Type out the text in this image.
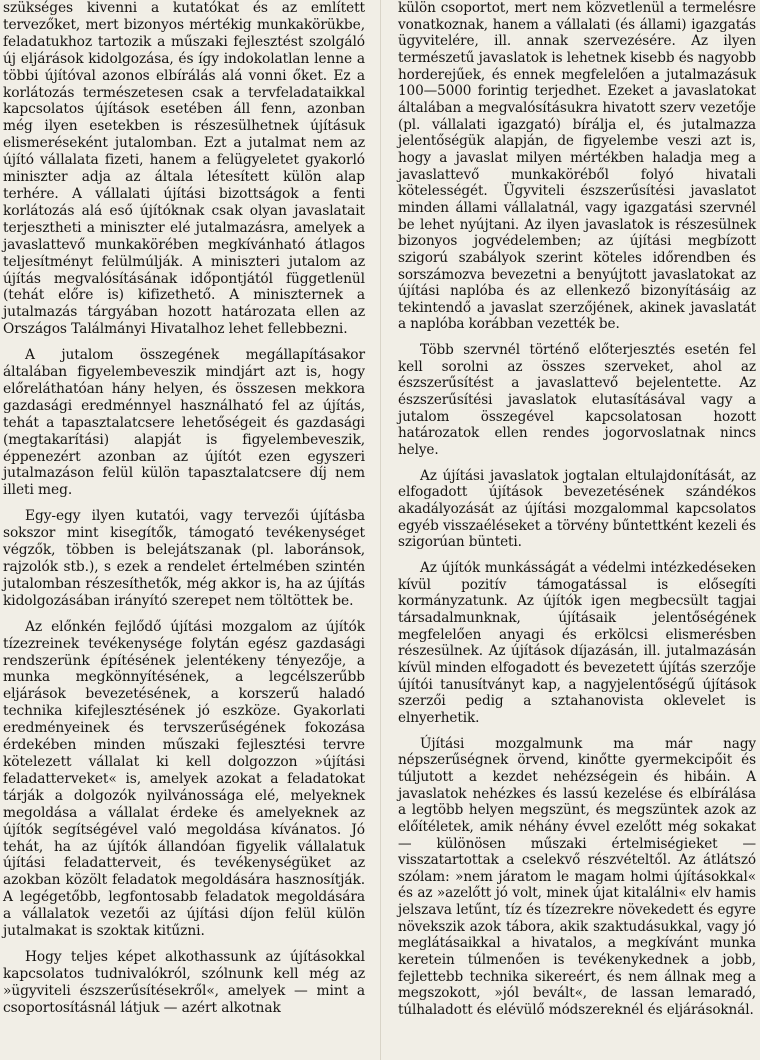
szükséges kivenni a kutatókat és az említett tervezőket, mert bizonyos mértékig munkakörükbe, feladatukhoz tartozik a műszaki fejlesztést szolgáló új eljárások kidolgozása, és így indokolatlan lenne a többi újítóval azonos elbírálás alá vonni őket. Ez a korlátozás természetesen csak a tervfeladataikkal kapcsolatos újítások esetében áll fenn, azonban még ilyen esetekben is részesülhetnek újításuk elismeréseként jutalomban. Ezt a jutalmat nem az újító vállalata fizeti, hanem a felügyeletet gyakorló miniszter adja az általa létesített külön alap terhére. A vállalati újítási bizottságok a fenti korlátozás alá eső újítóknak csak olyan javaslatait terjesztheti a miniszter elé jutalmazásra, amelyek a javaslattevő munkakörében megkívánható átlagos teljesítményt felülmúlják. A miniszteri jutalom az újítás megvalósításának időpontjától függetlenül (tehát előre is) kifizethető. A miniszternek a jutalmazás tárgyában hozott határozata ellen az Országos Találmányi Hivatalhoz lehet fellebbezni.

A jutalom összegének megállapításakor általában figyelembeveszik mindjárt azt is, hogy előreláthatóan hány helyen, és összesen mekkora gazdasági eredménnyel használható fel az újítás, tehát a tapasztalatcsere lehetőségeit és gazdasági (megtakarítási) alapját is figyelembeveszik, éppenezért azonban az újítót ezen egyszeri jutalmazáson felül külön tapasztalatcsere díj nem illeti meg.

Egy-egy ilyen kutatói, vagy tervezői újításba sokszor mint kisegítők, támogató tevékenységet végzők, többen is belejátszanak (pl. laboránsok, rajzolók stb.), s ezek a rendelet értelmében szintén jutalomban részesíthetők, még akkor is, ha az újítás kidolgozásában irányító szerepet nem töltöttek be.

Az előnkén fejlődő újítási mozgalom az újítók tízezreinek tevékenysége folytán egész gazdasági rendszerünk építésének jelentékeny tényezője, a munka megkönnyítésének, a legcélszerűbb eljárások bevezetésének, a korszerű haladó technika kifejlesztésének jó eszköze. Gyakorlati eredményeinek és tervszerűségének fokozása érdekében minden műszaki fejlesztési tervre kötelezett vállalat ki kell dolgozzon »újítási feladatterveket« is, amelyek azokat a feladatokat tárják a dolgozók nyilvánossága elé, melyeknek megoldása a vállalat érdeke és amelyeknek az újítók segítségével való megoldása kívánatos. Jó tehát, ha az újítók állandóan figyelik vállalatuk újítási feladatterveit, és tevékenységüket az azokban közölt feladatok megoldására hasznosítják. A legégetőbb, legfontosabb feladatok megoldására a vállalatok vezetői az újítási díjon felül külön jutalmakat is szoktak kitűzni.

Hogy teljes képet alkothassunk az újításokkal kapcsolatos tudnivalókról, szólnunk kell még az »ügyviteli észszerűsítésekről«, amelyek — mint a csoportosításnál látjuk — azért alkotnak

külön csoportot, mert nem közvetlenül a termelésre vonatkoznak, hanem a vállalati (és állami) igazgatás ügyvitelére, ill. annak szervezésére. Az ilyen természetű javaslatok is lehetnek kisebb és nagyobb horderejűek, és ennek megfelelően a jutalmazásuk 100—5000 forintig terjedhet. Ezeket a javaslatokat általában a megvalósításukra hivatott szerv vezetője (pl. vállalati igazgató) bírálja el, és jutalmazza jelentőségük alapján, de figyelembe veszi azt is, hogy a javaslat milyen mértékben haladja meg a javaslattevő munkaköréből folyó hivatali kötelességét. Ügyviteli észszerűsítési javaslatot minden állami vállalatnál, vagy igazgatási szervnél be lehet nyújtani. Az ilyen javaslatok is részesülnek bizonyos jogvédelemben; az újítási megbízott szigorú szabályok szerint köteles időrendben és sorszámozva bevezetni a benyújtott javaslatokat az újítási naplóba és az ellenkező bizonyításáig az tekintendő a javaslat szerzőjének, akinek javaslatát a naplóba korábban vezették be.

Több szervnél történő előterjesztés esetén fel kell sorolni az összes szerveket, ahol az észszerűsítést a javaslattevő bejelentette. Az észszerűsítési javaslatok elutasításával vagy a jutalom összegével kapcsolatosan hozott határozatok ellen rendes jogorvoslatnak nincs helye.

Az újítási javaslatok jogtalan eltulajdonítását, az elfogadott újítások bevezetésének szándékos akadályozását az újítási mozgalommal kapcsolatos egyéb visszaéléseket a törvény bűntettként kezeli és szigorúan bünteti.

Az újítók munkásságát a védelmi intézkedéseken kívül pozitív támogatással is elősegíti kormányzatunk. Az újítók igen megbecsült tagjai társadalmunknak, újításaik jelentőségének megfelelően anyagi és erkölcsi elismerésben részesülnek. Az újítások díjazásán, ill. jutalmazásán kívül minden elfogadott és bevezetett újítás szerzője újítói tanusítványt kap, a nagyjelentőségű újítások szerzői pedig a sztahanovista oklevelet is elnyerhetik.

Újítási mozgalmunk ma már nagy népszerűségnek örvend, kinőtte gyermekcipőit és túljutott a kezdet nehézségein és hibáin. A javaslatok nehézkes és lassú kezelése és elbírálása a legtöbb helyen megszünt, és megszüntek azok az előítéletek, amik néhány évvel ezelőtt még sokakat — különösen műszaki értelmiségieket — visszatartottak a cselekvő részvételtől. Az átlátszó szólam: »nem járatom le magam holmi újításokkal« és az »azelőtt jó volt, minek újat kitalálni« elv hamis jelszava letűnt, tíz és tízezrekre növekedett és egyre növekszik azok tábora, akik szaktudásukkal, vagy jó meglátásaikkal a hivatalos, a megkívánt munka keretein túlmenően is tevékenykednek a jobb, fejlettebb technika sikereért, és nem állnak meg a megszokott, »jól bevált«, de lassan lemaradó, túlhaladott és elévülő módszereknél és eljárásoknál.
